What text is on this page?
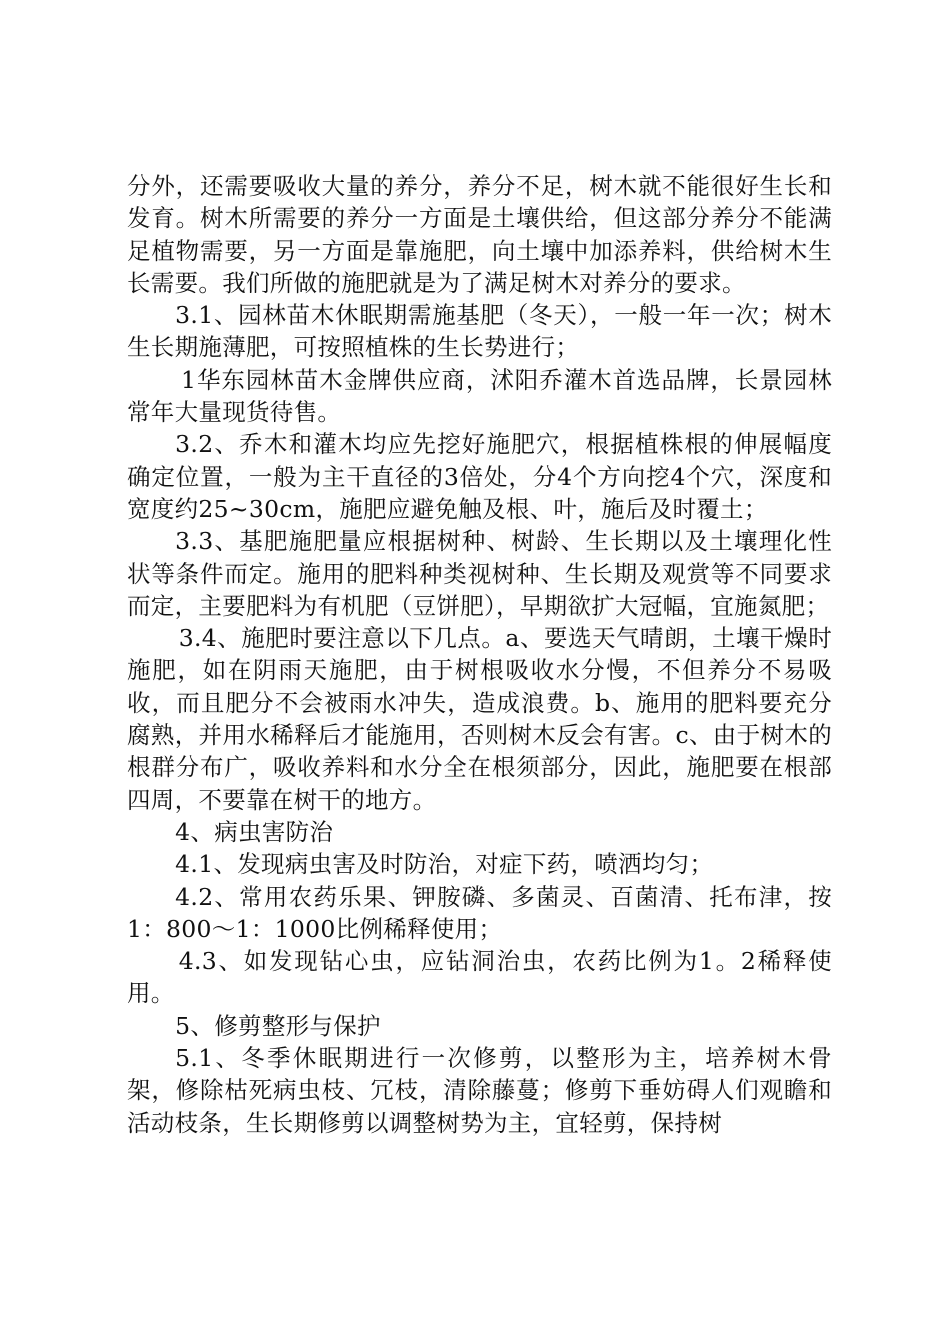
分外，还需要吸收大量的养分，养分不足，树木就不能很好生长和发育。树木所需要的养分一方面是土壤供给，但这部分养分不能满足植物需要，另一方面是靠施肥，向土壤中加添养料，供给树木生长需要。我们所做的施肥就是为了满足树木对养分的要求。

3.1、园林苗木休眠期需施基肥（冬天），一般一年一次；树木生长期施薄肥，可按照植株的生长势进行；

1华东园林苗木金牌供应商，沭阳乔灌木首选品牌，长景园林常年大量现货待售。

3.2、乔木和灌木均应先挖好施肥穴，根据植株根的伸展幅度确定位置，一般为主干直径的3倍处，分4个方向挖4个穴，深度和宽度约25~30cm，施肥应避免触及根、叶，施后及时覆土；

3.3、基肥施肥量应根据树种、树龄、生长期以及土壤理化性状等条件而定。施用的肥料种类视树种、生长期及观赏等不同要求而定，主要肥料为有机肥（豆饼肥），早期欲扩大冠幅，宜施氮肥；

3.4、施肥时要注意以下几点。a、要选天气晴朗，土壤干燥时施肥，如在阴雨天施肥，由于树根吸收水分慢，不但养分不易吸收，而且肥分不会被雨水冲失，造成浪费。b、施用的肥料要充分腐熟，并用水稀释后才能施用，否则树木反会有害。c、由于树木的根群分布广，吸收养料和水分全在根须部分，因此，施肥要在根部四周，不要靠在树干的地方。

4、病虫害防治

4.1、发现病虫害及时防治，对症下药，喷洒均匀；

4.2、常用农药乐果、钾胺磷、多菌灵、百菌清、托布津，按1：800～1：1000比例稀释使用；

4.3、如发现钻心虫，应钻洞治虫，农药比例为1。2稀释使用。

5、修剪整形与保护

5.1、冬季休眠期进行一次修剪，以整形为主，培养树木骨架，修除枯死病虫枝、冗枝，清除藤蔓；修剪下垂妨碍人们观瞻和活动枝条，生长期修剪以调整树势为主，宜轻剪，保持树
